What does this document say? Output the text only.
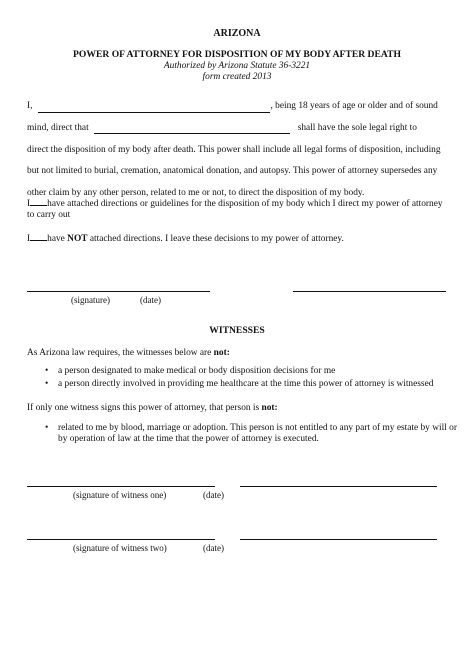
ARIZONA
POWER OF ATTORNEY FOR DISPOSITION OF MY BODY AFTER DEATH
Authorized by Arizona Statute 36-3221
form created 2013
I,	, being 18 years of age or older and of sound
mind, direct that	shall have the sole legal right to
direct the disposition of my body after death. This power shall include all legal forms of disposition, including
but not limited to burial, cremation, anatomical donation, and autopsy. This power of attorney supersedes any
other claim by any other person, related to me or not, to direct the disposition of my body.
I have attached directions or guidelines for the disposition of my body which I direct my power of attorney to carry out
I have NOT attached directions. I leave these decisions to my power of attorney.
(signature)	(date)
WITNESSES
As Arizona law requires, the witnesses below are not:
• a person designated to make medical or body disposition decisions for me
• a person directly involved in providing me healthcare at the time this power of attorney is witnessed
If only one witness signs this power of attorney, that person is not:
• related to me by blood, marriage or adoption. This person is not entitled to any part of my estate by will or by operation of law at the time that the power of attorney is executed.
(signature of witness one)	(date)
(signature of witness two)	(date)
